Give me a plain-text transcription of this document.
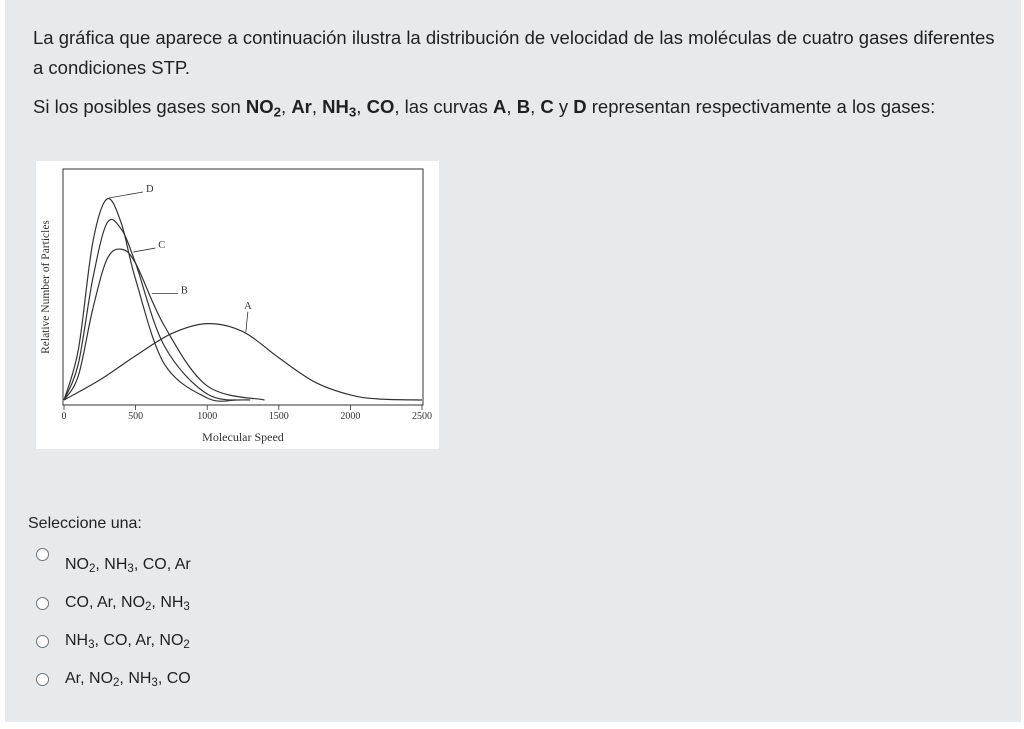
La gráfica que aparece a continuación ilustra la distribución de velocidad de las moléculas de cuatro gases diferentes a condiciones STP.
Si los posibles gases son $NO_2$, Ar, $NH_3$, CO, las curvas A, B, C y D representan respectivamente a los gases:
0	500	1000	1500	2000	2500
D
C
B
A
Relative Number of Particles
Molecular Speed
Seleccione una:
$NO_2$, $NH_3$, CO, Ar
CO, Ar, $NO_2$, $NH_3$
$NH_3$, CO, Ar, $NO_2$
Ar, $NO_2$, $NH_3$, CO
